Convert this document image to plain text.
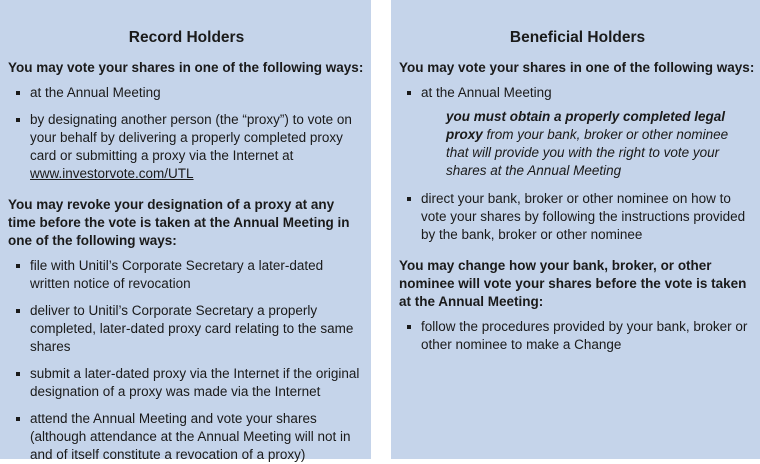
Record Holders
You may vote your shares in one of the following ways:
at the Annual Meeting
by designating another person (the “proxy”) to vote on your behalf by delivering a properly completed proxy card or submitting a proxy via the Internet at www.investorvote.com/UTL
You may revoke your designation of a proxy at any time before the vote is taken at the Annual Meeting in one of the following ways:
file with Unitil’s Corporate Secretary a later-dated written notice of revocation
deliver to Unitil’s Corporate Secretary a properly completed, later-dated proxy card relating to the same shares
submit a later-dated proxy via the Internet if the original designation of a proxy was made via the Internet
attend the Annual Meeting and vote your shares (although attendance at the Annual Meeting will not in and of itself constitute a revocation of a proxy)
Beneficial Holders
You may vote your shares in one of the following ways:
at the Annual Meeting
you must obtain a properly completed legal proxy from your bank, broker or other nominee that will provide you with the right to vote your shares at the Annual Meeting
direct your bank, broker or other nominee on how to vote your shares by following the instructions provided by the bank, broker or other nominee
You may change how your bank, broker, or other nominee will vote your shares before the vote is taken at the Annual Meeting:
follow the procedures provided by your bank, broker or other nominee to make a Change
